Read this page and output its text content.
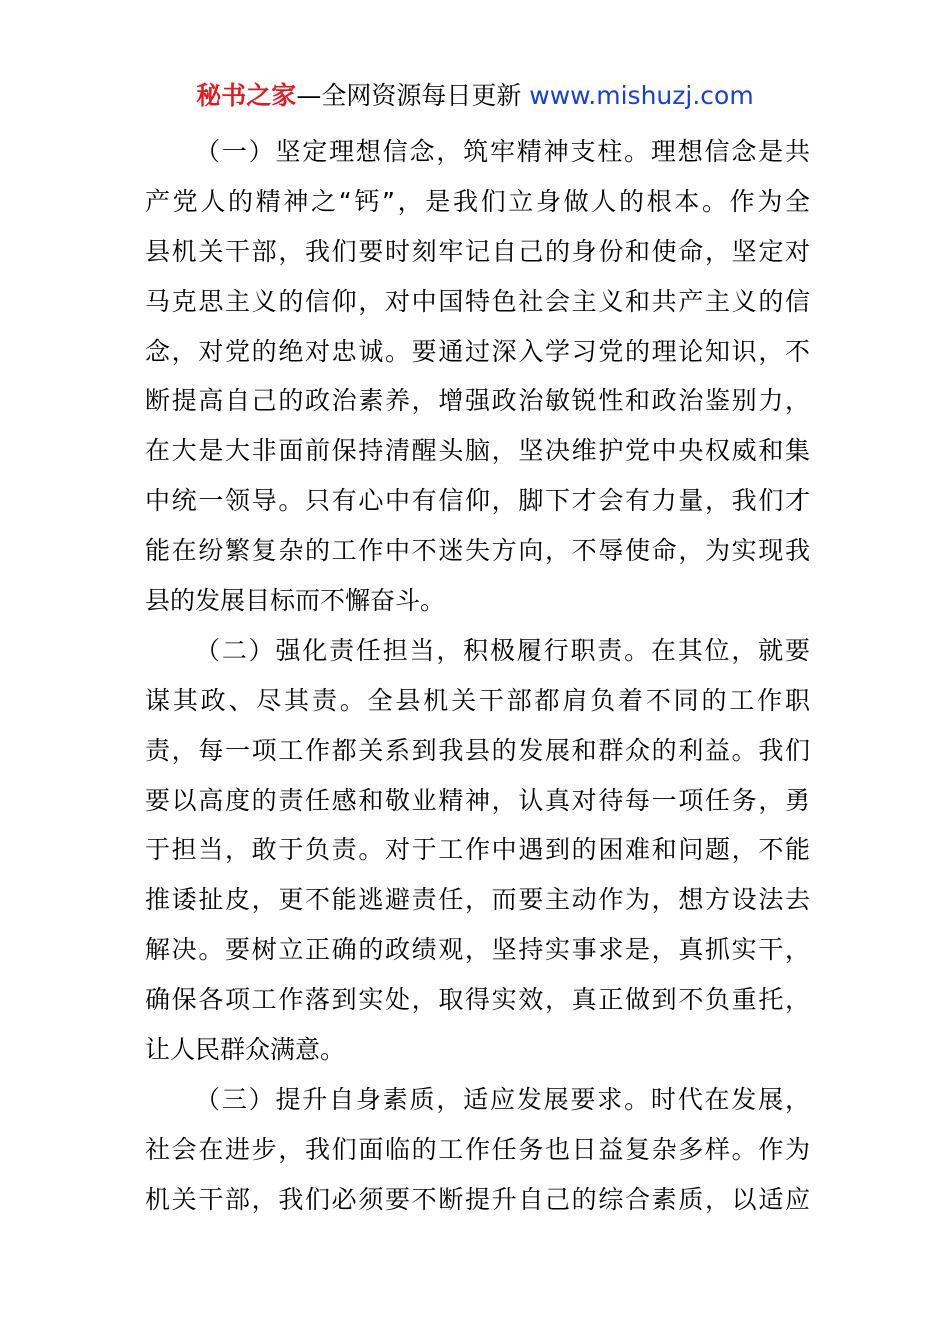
秘书之家—全网资源每日更新 www.mishuzj.com
（一）坚定理想信念，筑牢精神支柱。理想信念是共
产党人的精神之“钙”，是我们立身做人的根本。作为全
县机关干部，我们要时刻牢记自己的身份和使命，坚定对
马克思主义的信仰，对中国特色社会主义和共产主义的信
念，对党的绝对忠诚。要通过深入学习党的理论知识，不
断提高自己的政治素养，增强政治敏锐性和政治鉴别力，
在大是大非面前保持清醒头脑，坚决维护党中央权威和集
中统一领导。只有心中有信仰，脚下才会有力量，我们才
能在纷繁复杂的工作中不迷失方向，不辱使命，为实现我
县的发展目标而不懈奋斗。
（二）强化责任担当，积极履行职责。在其位，就要
谋其政、尽其责。全县机关干部都肩负着不同的工作职
责，每一项工作都关系到我县的发展和群众的利益。我们
要以高度的责任感和敬业精神，认真对待每一项任务，勇
于担当，敢于负责。对于工作中遇到的困难和问题，不能
推诿扯皮，更不能逃避责任，而要主动作为，想方设法去
解决。要树立正确的政绩观，坚持实事求是，真抓实干，
确保各项工作落到实处，取得实效，真正做到不负重托，
让人民群众满意。
（三）提升自身素质，适应发展要求。时代在发展，
社会在进步，我们面临的工作任务也日益复杂多样。作为
机关干部，我们必须要不断提升自己的综合素质，以适应
